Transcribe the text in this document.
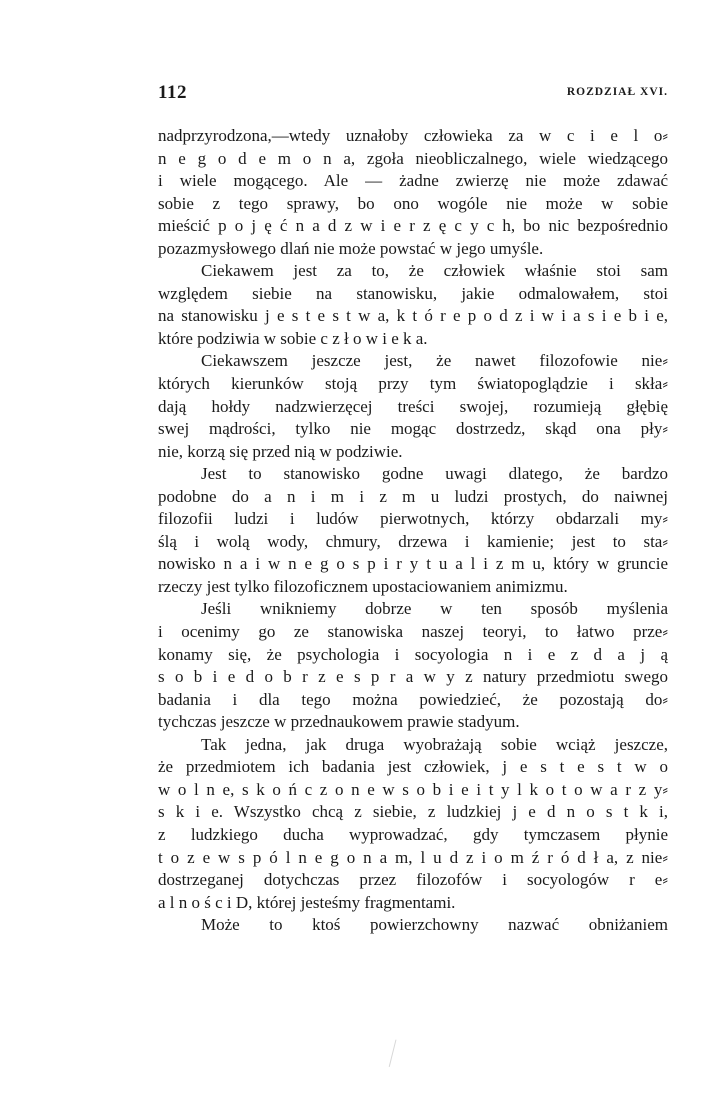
112	ROZDZIAŁ XVI.
nadprzyrodzona,—wtedy uznałoby człowieka za w c i e l o⸗
n e g o d e m o n a, zgoła nieobliczalnego, wiele wiedzącego
i wiele mogącego. Ale — żadne zwierzę nie może zdawać
sobie z tego sprawy, bo ono wogóle nie może w sobie
mieścić p o j ę ć n a d z w i e r z ę c y c h, bo nic bezpośrednio
pozazmysłowego dlań nie może powstać w jego umyśle.
Ciekawem jest za to, że człowiek właśnie stoi sam
względem siebie na stanowisku, jakie odmalowałem, stoi
na stanowisku j e s t e s t w a, k t ó r e p o d z i w i a s i e b i e,
które podziwia w sobie c z ł o w i e k a.
Ciekawszem jeszcze jest, że nawet filozofowie nie⸗
których kierunków stoją przy tym światopoglądzie i skła⸗
dają hołdy nadzwierzęcej treści swojej, rozumieją głębię
swej mądrości, tylko nie mogąc dostrzedz, skąd ona pły⸗
nie, korzą się przed nią w podziwie.
Jest to stanowisko godne uwagi dlatego, że bardzo
podobne do a n i m i z m u ludzi prostych, do naiwnej
filozofii ludzi i ludów pierwotnych, którzy obdarzali my⸗
ślą i wolą wody, chmury, drzewa i kamienie; jest to sta⸗
nowisko n a i w n e g o s p i r y t u a l i z m u, który w gruncie
rzeczy jest tylko filozoficznem upostaciowaniem animizmu.
Jeśli wnikniemy dobrze w ten sposób myślenia
i ocenimy go ze stanowiska naszej teoryi, to łatwo prze⸗
konamy się, że psychologia i socyologia n i e z d a j ą
s o b i e d o b r z e s p r a w y z natury przedmiotu swego
badania i dla tego można powiedzieć, że pozostają do⸗
tychczas jeszcze w przednaukowem prawie stadyum.
Tak jedna, jak druga wyobrażają sobie wciąż jeszcze,
że przedmiotem ich badania jest człowiek, j e s t e s t w o
w o l n e, s k o ń c z o n e w s o b i e i t y l k o t o w a r z y⸗
s k i e. Wszystko chcą z siebie, z ludzkiej j e d n o s t k i,
z ludzkiego ducha wyprowadzać, gdy tymczasem płynie
t o z e w s p ó l n e g o n a m, l u d z i o m ź r ó d ł a, z nie⸗
dostrzeganej dotychczas przez filozofów i socyologów r e⸗
a l n o ś c i D, której jesteśmy fragmentami.
Może to ktoś powierzchowny nazwać obniżaniem
